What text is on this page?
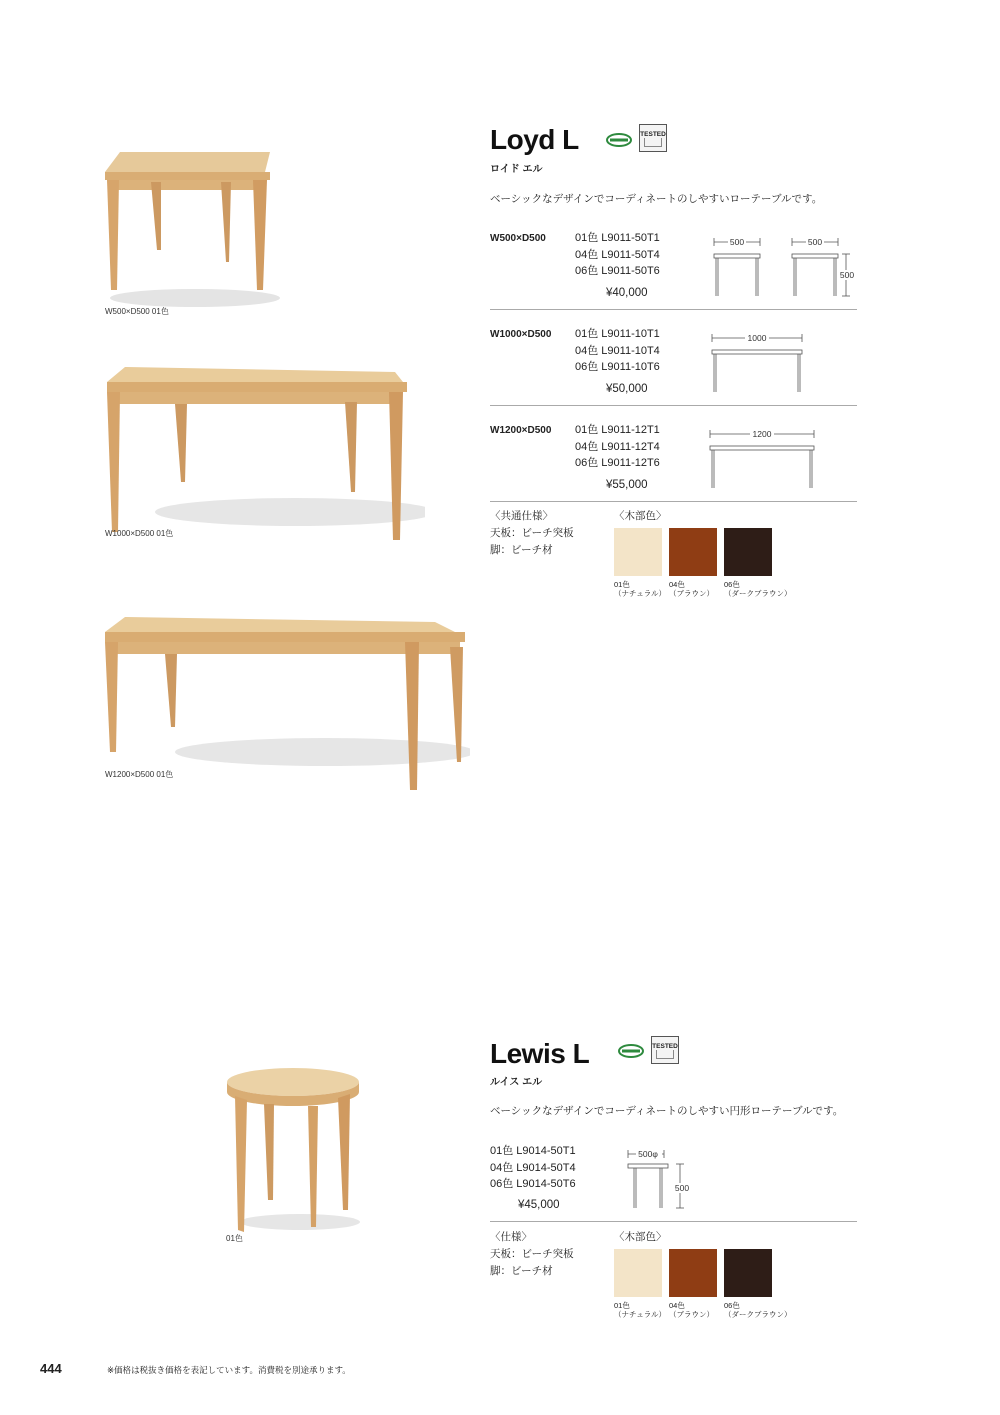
W500×D500 01色
W1000×D500 01色
W1200×D500 01色
01色
Loyd L	TESTED
ロイド エル
ベーシックなデザインでコーディネートのしやすいローテーブルです。
W500×D500	01色 L9011-50T1
04色 L9011-50T4
06色 L9011-50T6
¥40,000
500	500
500
W1000×D500 01色 L9011-10T1
04色 L9011-10T4
06色 L9011-10T6
¥50,000
1000
W1200×D500 01色 L9011-12T1
04色 L9011-12T4
06色 L9011-12T6
¥55,000
1200
〈共通仕様〉
天板：ビーチ突板
脚：ビーチ材
〈木部色〉
01色
（ナチュラル）
04色
（ブラウン）
06色
（ダークブラウン）
Lewis L	TESTED
ルイス エル
ベーシックなデザインでコーディネートのしやすい円形ローテーブルです。
01色 L9014-50T1
04色 L9014-50T4
06色 L9014-50T6
¥45,000
500φ
500
〈仕様〉
天板：ビーチ突板
脚：ビーチ材
〈木部色〉
01色
（ナチュラル）
04色
（ブラウン）
06色
（ダークブラウン）
444	※価格は税抜き価格を表記しています。消費税を別途承ります。
